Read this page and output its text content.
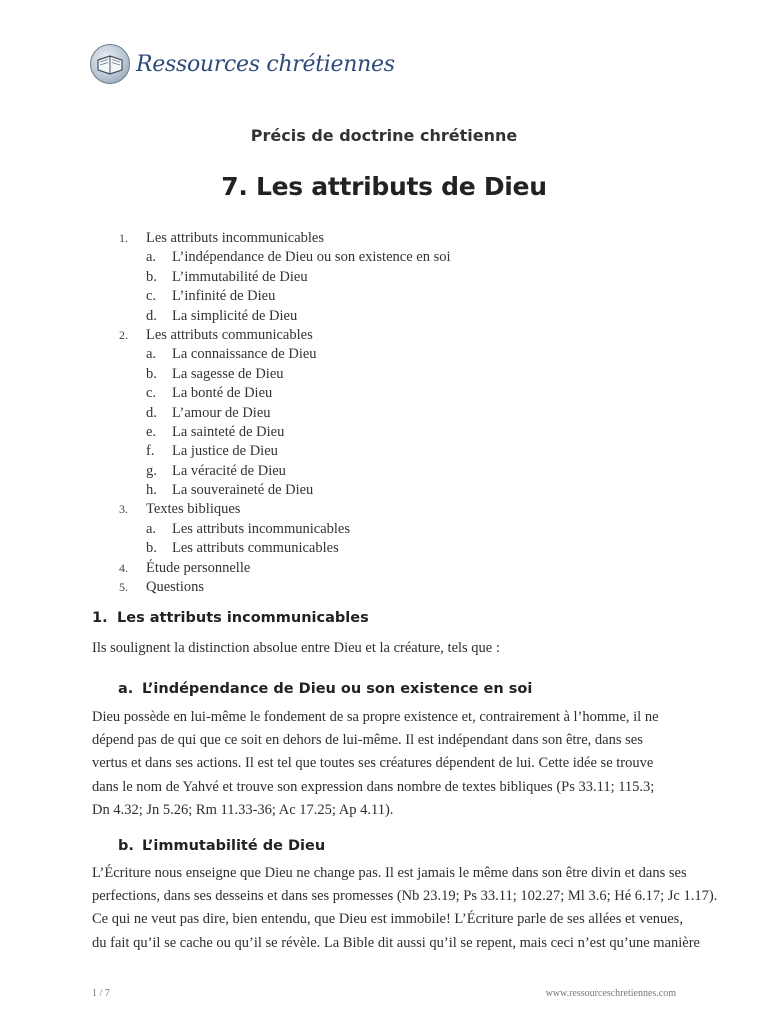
Ressources chrétiennes
Précis de doctrine chrétienne
7. Les attributs de Dieu
1. Les attributs incommunicables
a. L’indépendance de Dieu ou son existence en soi
b. L’immutabilité de Dieu
c. L’infinité de Dieu
d. La simplicité de Dieu
2. Les attributs communicables
a. La connaissance de Dieu
b. La sagesse de Dieu
c. La bonté de Dieu
d. L’amour de Dieu
e. La sainteté de Dieu
f. La justice de Dieu
g. La véracité de Dieu
h. La souveraineté de Dieu
3. Textes bibliques
a. Les attributs incommunicables
b. Les attributs communicables
4. Étude personnelle
5. Questions
1. Les attributs incommunicables
Ils soulignent la distinction absolue entre Dieu et la créature, tels que :
a. L’indépendance de Dieu ou son existence en soi
Dieu possède en lui-même le fondement de sa propre existence et, contrairement à l’homme, il ne
dépend pas de qui que ce soit en dehors de lui-même. Il est indépendant dans son être, dans ses
vertus et dans ses actions. Il est tel que toutes ses créatures dépendent de lui. Cette idée se trouve
dans le nom de Yahvé et trouve son expression dans nombre de textes bibliques (Ps 33.11; 115.3;
Dn 4.32; Jn 5.26; Rm 11.33-36; Ac 17.25; Ap 4.11).
b. L’immutabilité de Dieu
L’Écriture nous enseigne que Dieu ne change pas. Il est jamais le même dans son être divin et dans ses
perfections, dans ses desseins et dans ses promesses (Nb 23.19; Ps 33.11; 102.27; Ml 3.6; Hé 6.17; Jc 1.17).
Ce qui ne veut pas dire, bien entendu, que Dieu est immobile! L’Écriture parle de ses allées et venues,
du fait qu’il se cache ou qu’il se révèle. La Bible dit aussi qu’il se repent, mais ceci n’est qu’une manière
1 / 7	www.ressourceschretiennes.com
